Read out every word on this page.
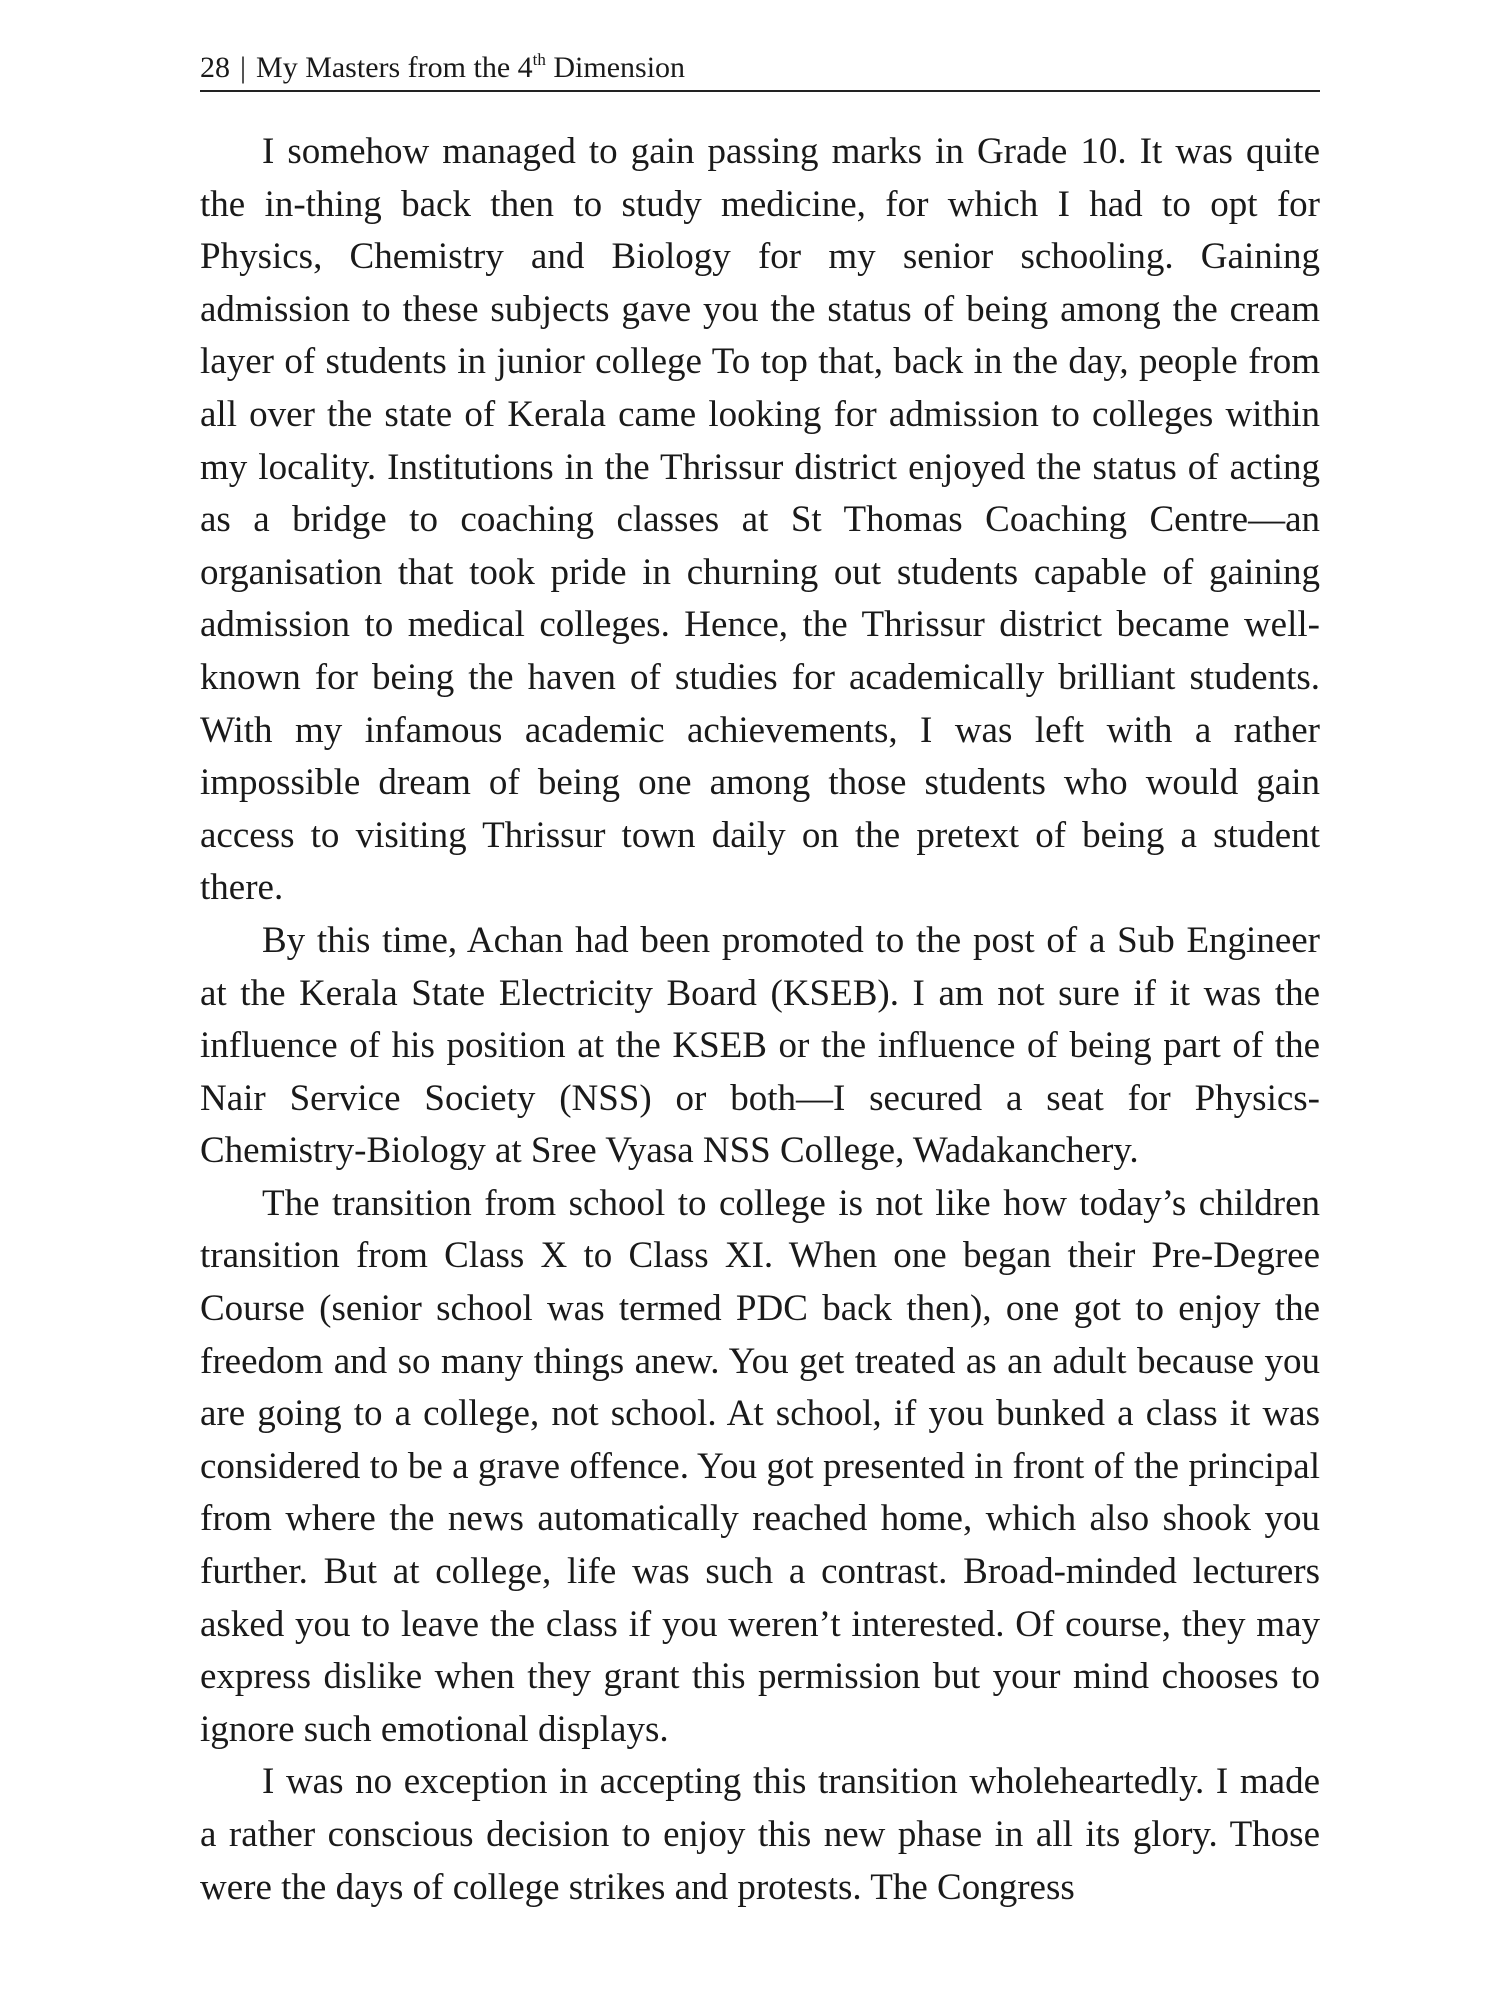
28 | My Masters from the 4th Dimension

I somehow managed to gain passing marks in Grade 10. It was quite the in-thing back then to study medicine, for which I had to opt for Physics, Chemistry and Biology for my senior schooling. Gaining admission to these subjects gave you the status of being among the cream layer of students in junior college To top that, back in the day, people from all over the state of Kerala came looking for admission to colleges within my locality. Institutions in the Thrissur district enjoyed the status of acting as a bridge to coaching classes at St Thomas Coaching Centre—an organisation that took pride in churning out students capable of gaining admission to medical colleges. Hence, the Thrissur district became well-known for being the haven of studies for academically brilliant students. With my infamous academic achievements, I was left with a rather impossible dream of being one among those students who would gain access to visiting Thrissur town daily on the pretext of being a student there.

By this time, Achan had been promoted to the post of a Sub Engineer at the Kerala State Electricity Board (KSEB). I am not sure if it was the influence of his position at the KSEB or the influence of being part of the Nair Service Society (NSS) or both—I secured a seat for Physics-Chemistry-Biology at Sree Vyasa NSS College, Wadakanchery.

The transition from school to college is not like how today’s children transition from Class X to Class XI. When one began their Pre-Degree Course (senior school was termed PDC back then), one got to enjoy the freedom and so many things anew. You get treated as an adult because you are going to a college, not school. At school, if you bunked a class it was considered to be a grave offence. You got presented in front of the principal from where the news automatically reached home, which also shook you further. But at college, life was such a contrast. Broad-minded lecturers asked you to leave the class if you weren’t interested. Of course, they may express dislike when they grant this permission but your mind chooses to ignore such emotional displays.

I was no exception in accepting this transition wholeheartedly. I made a rather conscious decision to enjoy this new phase in all its glory. Those were the days of college strikes and protests. The Congress
